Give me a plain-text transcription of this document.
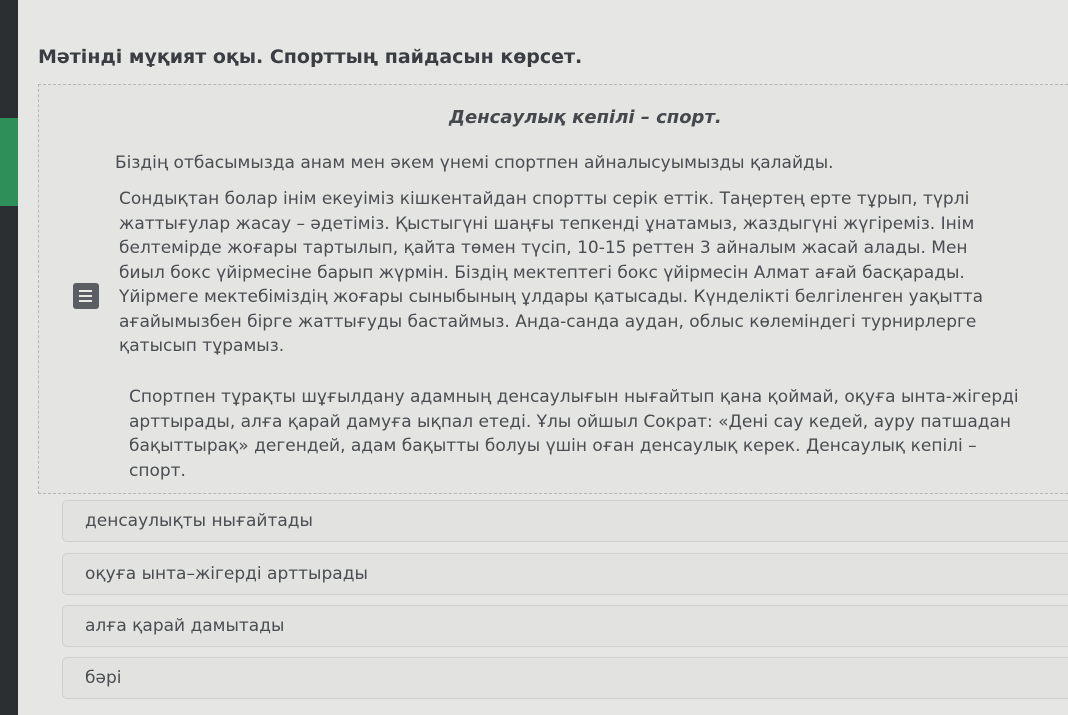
Мәтінді мұқият оқы. Спорттың пайдасын көрсет.
Денсаулық кепілі – спорт.
Біздің отбасымызда анам мен әкем үнемі спортпен айналысуымызды қалайды.
Сондықтан болар інім екеуіміз кішкентайдан спортты серік еттік. Таңертең ерте тұрып, түрлі
жаттығулар жасау – әдетіміз. Қыстыгүні шаңғы тепкенді ұнатамыз, жаздыгүні жүгіреміз. Інім
белтемірде жоғары тартылып, қайта төмен түсіп, 10-15 реттен 3 айналым жасай алады. Мен
биыл бокс үйірмесіне барып жүрмін. Біздің мектептегі бокс үйірмесін Алмат ағай басқарады.
Үйірмеге мектебіміздің жоғары сыныбының ұлдары қатысады. Күнделікті белгіленген уақытта
ағайымызбен бірге жаттығуды бастаймыз. Анда-санда аудан, облыс көлеміндегі турнирлерге
қатысып тұрамыз.
Спортпен тұрақты шұғылдану адамның денсаулығын нығайтып қана қоймай, оқуға ынта-жігерді
арттырады, алға қарай дамуға ықпал етеді. Ұлы ойшыл Сократ: «Дені сау кедей, ауру патшадан
бақыттырақ» дегендей, адам бақытты болуы үшін оған денсаулық керек. Денсаулық кепілі –
спорт.
денсаулықты нығайтады
оқуға ынта–жігерді арттырады
алға қарай дамытады
бәрі
